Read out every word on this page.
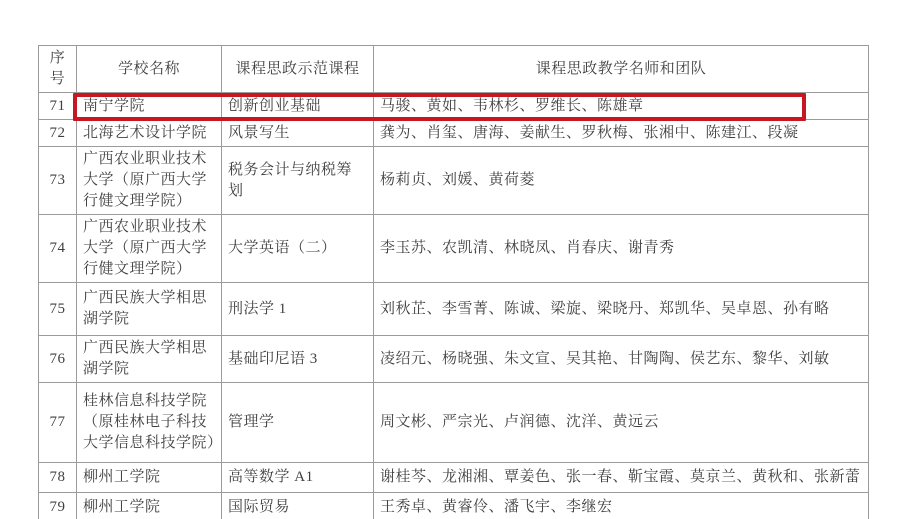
序号	学校名称	课程思政示范课程	课程思政教学名师和团队
71	南宁学院	创新创业基础	马骏、黄如、韦林杉、罗维长、陈雄章
72	北海艺术设计学院	风景写生	龚为、肖玺、唐海、姜献生、罗秋梅、张湘中、陈建江、段凝
73	广西农业职业技术大学（原广西大学行健文理学院）	税务会计与纳税筹划	杨莉贞、刘媛、黄荷菱
74	广西农业职业技术大学（原广西大学行健文理学院）	大学英语（二）	李玉苏、农凯清、林晓凤、肖春庆、谢青秀
75	广西民族大学相思湖学院	刑法学 1	刘秋芷、李雪菁、陈诚、梁旋、梁晓丹、郑凯华、吴卓恩、孙有略
76	广西民族大学相思湖学院	基础印尼语 3	凌绍元、杨晓强、朱文宣、吴其艳、甘陶陶、侯艺东、黎华、刘敏
77	桂林信息科技学院（原桂林电子科技大学信息科技学院）	管理学	周文彬、严宗光、卢润德、沈洋、黄远云
78	柳州工学院	高等数学 A1	谢桂芩、龙湘湘、覃姜色、张一春、靳宝霞、莫京兰、黄秋和、张新蕾
79	柳州工学院	国际贸易	王秀卓、黄睿伶、潘飞宇、李继宏
